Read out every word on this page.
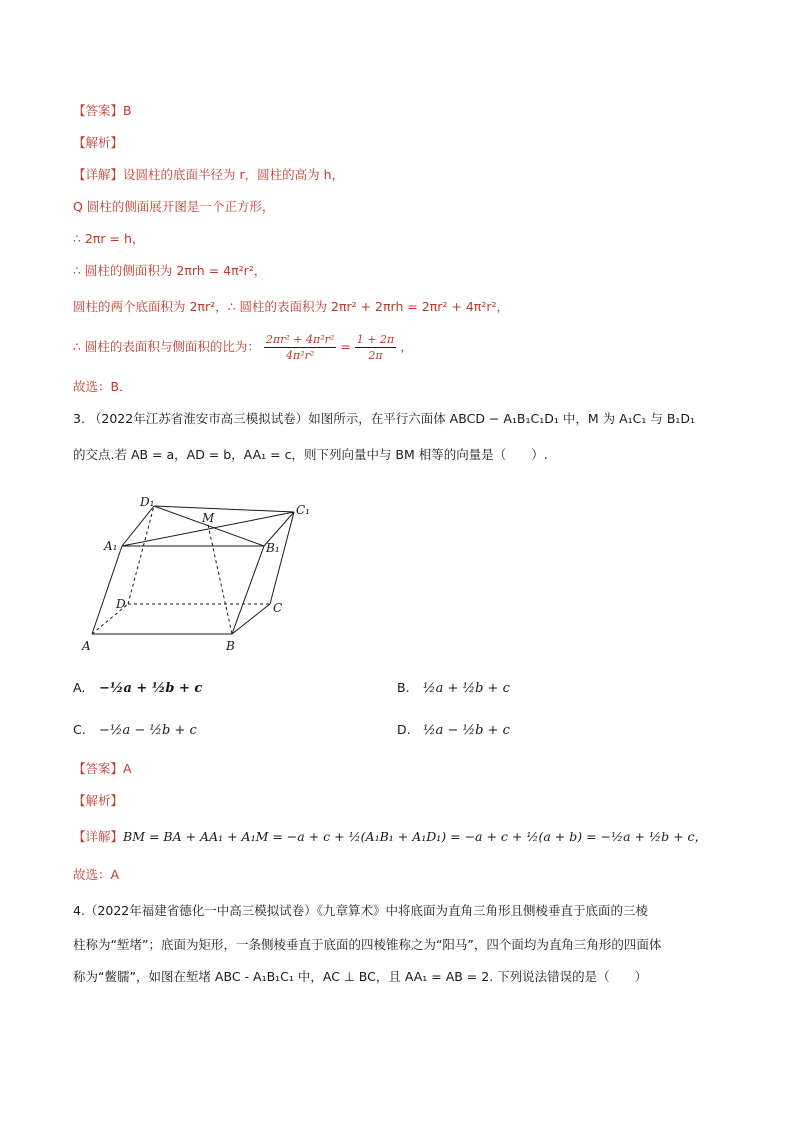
【答案】B
【解析】
【详解】设圆柱的底面半径为 r，圆柱的高为 h，
Q 圆柱的侧面展开图是一个正方形，
∴ 2πr = h，
∴ 圆柱的侧面积为 2πrh = 4π²r²，
圆柱的两个底面积为 2πr²，∴ 圆柱的表面积为 2πr² + 2πrh = 2πr² + 4π²r²，
∴ 圆柱的表面积与侧面积的比为： $\frac{\text{2πr² + 4π²r²}}{\text{4π²r²}} = \frac{1 + 2\pi}{2\pi}$ ，
故选：B．
3. （2022年江苏省淮安市高三模拟试卷）如图所示，在平行六面体 ABCD − A₁B₁C₁D₁ 中，M 为 A₁C₁ 与 B₁D₁
的交点.若 AB = a，AD = b，AA₁ = c，则下列向量中与 BM 相等的向量是（　　）.
A	B
C
D
A₁	B₁
C₁
D₁
M
A. −½a + ½b + c	B. ½a + ½b + c
C. −½a − ½b + c	D. ½a − ½b + c
【答案】A
【解析】
【详解】BM = BA + AA₁ + A₁M = −a + c + ½(A₁B₁ + A₁D₁) = −a + c + ½(a + b) = −½a + ½b + c，
故选：A
4.（2022年福建省德化一中高三模拟试卷）《九章算术》中将底面为直角三角形且侧棱垂直于底面的三棱
柱称为“堑堵”；底面为矩形，一条侧棱垂直于底面的四棱锥称之为“阳马”，四个面均为直角三角形的四面体
称为“鳖臑”，如图在堑堵 ABC - A₁B₁C₁ 中，AC ⊥ BC，且 AA₁ = AB = 2. 下列说法错误的是（　　）
